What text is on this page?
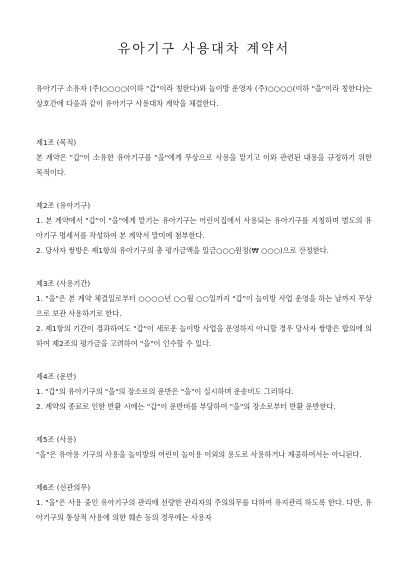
유아기구 사용대차 계약서

유아기구 소유자 (주)○○○○(이하 "갑"이라 칭한다)와 놀이방 운영자 (주)○○○○(이하 "을"이라 칭한다)는 상호간에 다음과 같이 유아기구 사용대차 계약을 체결한다.

제1조 (목적)

본 계약은 "갑"이 소유한 유아기구를 "을"에게 무상으로 사용을 맡기고 이와 관련된 내용을 규정하기 위한 목적이다.

제2조 (유아기구)

1. 본 계약에서 "갑"이 "을"에게 맡기는 유아기구는 어린이집에서 사용되는 유아기구를 지칭하며 별도의 유아기구 명세서를 작성하여 본 계약서 말미에 첨부한다.

2. 당사자 쌍방은 제1항의 유아기구의 총 평가금액을 일금○○○원정(₩ ○○○)으로 산정한다.

제3조 (사용기간)

1. "을"은 본 계약 체결일로부터 ○○○○년 ○○월 ○○일까지 "갑"이 놀이방 사업 운영을 하는 날까지 무상으로 보관 사용하기로 한다.

2. 제1항의 기간이 경과하여도 "갑"이 새로운 놀이방 사업을 운영하지 아니할 경우 당사자 쌍방은 합의에 의하여 제2조의 평가금을 고려하여 "을"이 인수할 수 있다.

제4조 (운반)

1. "갑"의 유아기구의 "을"의 장소로의 운반은 "을"이 실시하며 운송비도 그러하다.

2. 계약의 종료로 인한 반환 시에는 "갑"이 운반비를 부담하여 "을"의 장소로부터 반환 운반한다.

제5조 (사용)

"을"은 유아용 기구의 사용을 놀이방의 어린이 놀이용 이외의 용도로 사용하거나 제공하여서는 아니된다.

제6조 (선관의무)

1. "을"은 사용 중인 유아기구의 관리에 선량한 관리자의 주의의무를 다하여 유지관리 하도록 한다. 다만, 유아기구의 통상적 사용에 의한 훼손 등의 경우에는 사용자
